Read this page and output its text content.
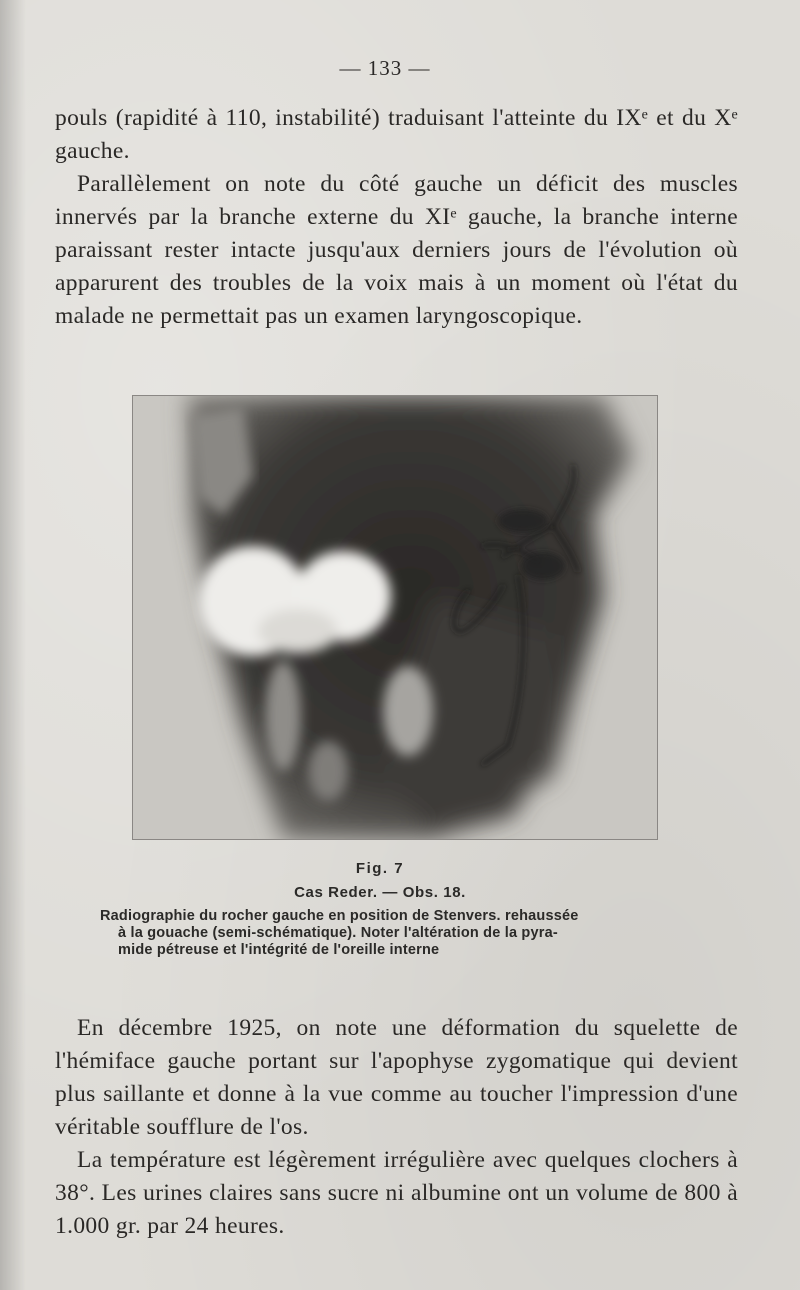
— 133 —

pouls (rapidité à 110, instabilité) traduisant l'atteinte du IXᵉ et du Xᵉ gauche.

Parallèlement on note du côté gauche un déficit des muscles innervés par la branche externe du XIᵉ gauche, la branche interne paraissant rester intacte jusqu'aux derniers jours de l'évolution où apparurent des troubles de la voix mais à un moment où l'état du malade ne permettait pas un examen laryngoscopique.

Fig. 7
Cas Reder. — Obs. 18.
Radiographie du rocher gauche en position de Stenvers. rehaussée
à la gouache (semi-schématique). Noter l'altération de la pyra-
mide pétreuse et l'intégrité de l'oreille interne

En décembre 1925, on note une déformation du squelette de l'hémiface gauche portant sur l'apophyse zygomatique qui devient plus saillante et donne à la vue comme au toucher l'impression d'une véritable soufflure de l'os.

La température est légèrement irrégulière avec quelques clochers à 38°. Les urines claires sans sucre ni albumine ont un volume de 800 à 1.000 gr. par 24 heures.
